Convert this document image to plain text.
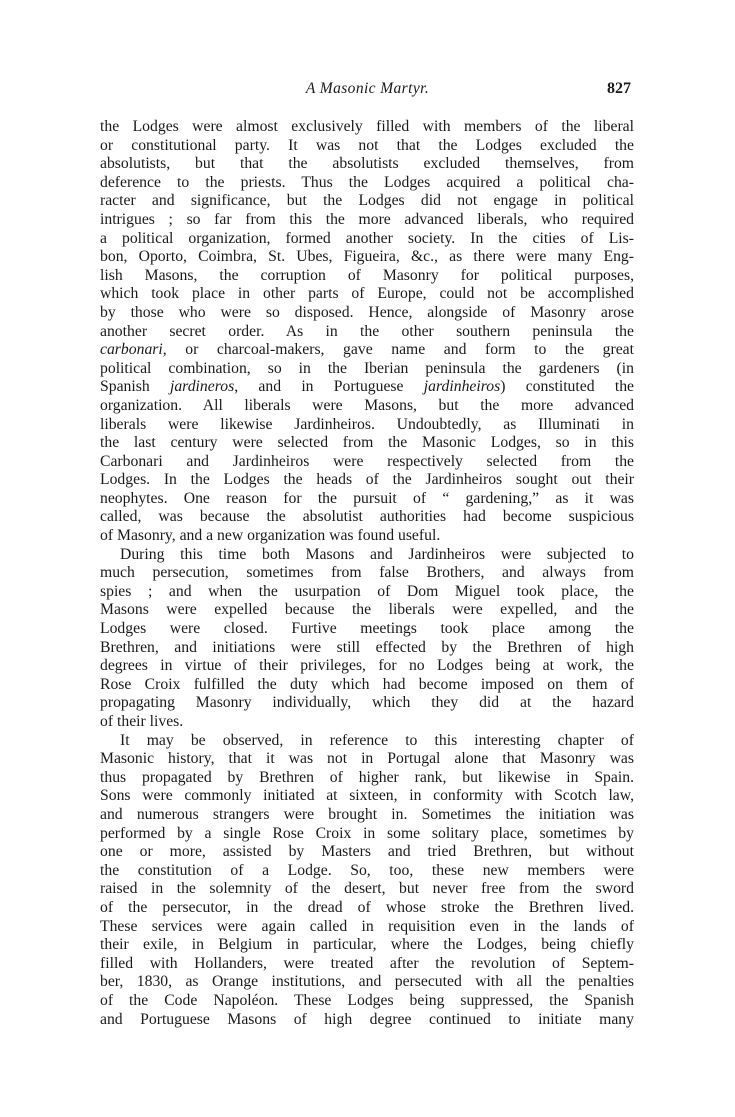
A Masonic Martyr.	827
the Lodges were almost exclusively filled with members of the liberal
or constitutional party. It was not that the Lodges excluded the
absolutists, but that the absolutists excluded themselves, from
deference to the priests. Thus the Lodges acquired a political cha-
racter and significance, but the Lodges did not engage in political
intrigues ; so far from this the more advanced liberals, who required
a political organization, formed another society. In the cities of Lis-
bon, Oporto, Coimbra, St. Ubes, Figueira, &c., as there were many Eng-
lish Masons, the corruption of Masonry for political purposes,
which took place in other parts of Europe, could not be accomplished
by those who were so disposed. Hence, alongside of Masonry arose
another secret order. As in the other southern peninsula the
carbonari, or charcoal-makers, gave name and form to the great
political combination, so in the Iberian peninsula the gardeners (in
Spanish jardineros, and in Portuguese jardinheiros) constituted the
organization. All liberals were Masons, but the more advanced
liberals were likewise Jardinheiros. Undoubtedly, as Illuminati in
the last century were selected from the Masonic Lodges, so in this
Carbonari and Jardinheiros were respectively selected from the
Lodges. In the Lodges the heads of the Jardinheiros sought out their
neophytes. One reason for the pursuit of “ gardening,” as it was
called, was because the absolutist authorities had become suspicious
of Masonry, and a new organization was found useful.
During this time both Masons and Jardinheiros were subjected to
much persecution, sometimes from false Brothers, and always from
spies ; and when the usurpation of Dom Miguel took place, the
Masons were expelled because the liberals were expelled, and the
Lodges were closed. Furtive meetings took place among the
Brethren, and initiations were still effected by the Brethren of high
degrees in virtue of their privileges, for no Lodges being at work, the
Rose Croix fulfilled the duty which had become imposed on them of
propagating Masonry individually, which they did at the hazard
of their lives.
It may be observed, in reference to this interesting chapter of
Masonic history, that it was not in Portugal alone that Masonry was
thus propagated by Brethren of higher rank, but likewise in Spain.
Sons were commonly initiated at sixteen, in conformity with Scotch law,
and numerous strangers were brought in. Sometimes the initiation was
performed by a single Rose Croix in some solitary place, sometimes by
one or more, assisted by Masters and tried Brethren, but without
the constitution of a Lodge. So, too, these new members were
raised in the solemnity of the desert, but never free from the sword
of the persecutor, in the dread of whose stroke the Brethren lived.
These services were again called in requisition even in the lands of
their exile, in Belgium in particular, where the Lodges, being chiefly
filled with Hollanders, were treated after the revolution of Septem-
ber, 1830, as Orange institutions, and persecuted with all the penalties
of the Code Napoléon. These Lodges being suppressed, the Spanish
and Portuguese Masons of high degree continued to initiate many
